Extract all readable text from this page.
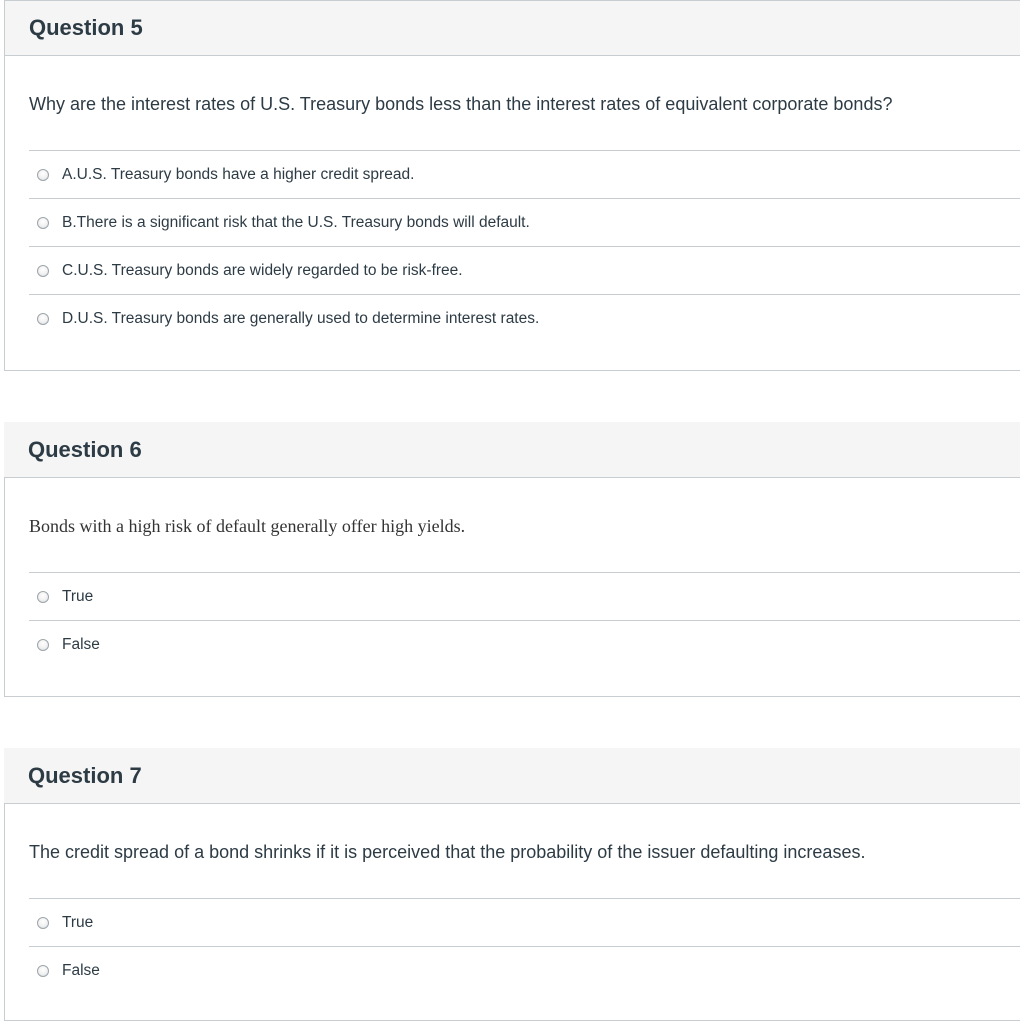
Question 5
Why are the interest rates of U.S. Treasury bonds less than the interest rates of equivalent corporate bonds?
A.U.S. Treasury bonds have a higher credit spread.
B.There is a significant risk that the U.S. Treasury bonds will default.
C.U.S. Treasury bonds are widely regarded to be risk-free.
D.U.S. Treasury bonds are generally used to determine interest rates.
Question 6
Bonds with a high risk of default generally offer high yields.
True
False
Question 7
The credit spread of a bond shrinks if it is perceived that the probability of the issuer defaulting increases.
True
False
